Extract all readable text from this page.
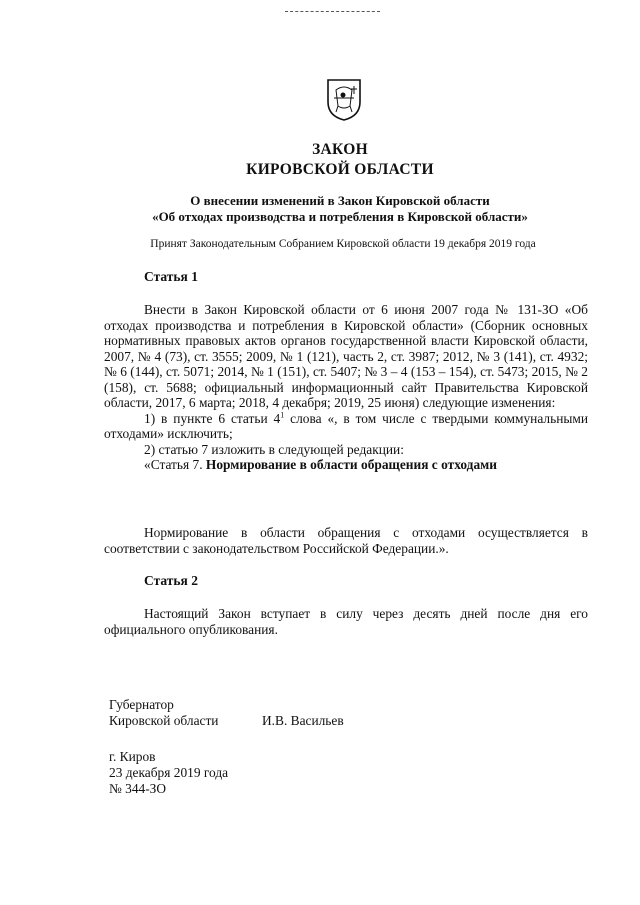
ЗАКОН
КИРОВСКОЙ ОБЛАСТИ
О внесении изменений в Закон Кировской области
«Об отходах производства и потребления в Кировской области»
Принят Законодательным Собранием Кировской области 19 декабря 2019 года
Статья 1

Внести в Закон Кировской области от 6 июня 2007 года № 131-ЗО «Об отходах производства и потребления в Кировской области» (Сборник основных нормативных правовых актов органов государственной власти Кировской области, 2007, № 4 (73), ст. 3555; 2009, № 1 (121), часть 2, ст. 3987; 2012, № 3 (141), ст. 4932; № 6 (144), ст. 5071; 2014, № 1 (151), ст. 5407; № 3 – 4 (153 – 154), ст. 5473; 2015, № 2 (158), ст. 5688; официальный информационный сайт Правительства Кировской области, 2017, 6 марта; 2018, 4 декабря; 2019, 25 июня) следующие изменения:

1) в пункте 6 статьи $4^1$ слова «, в том числе с твердыми коммунальными отходами» исключить;

2) статью 7 изложить в следующей редакции:

«Статья 7. Нормирование в области обращения с отходами

Нормирование в области обращения с отходами осуществляется в соответствии с законодательством Российской Федерации.».

Статья 2

Настоящий Закон вступает в силу через десять дней после дня его официального опубликования.

Губернатор
Кировской области	И.В. Васильев
г. Киров
23 декабря 2019 года
№ 344-ЗО
